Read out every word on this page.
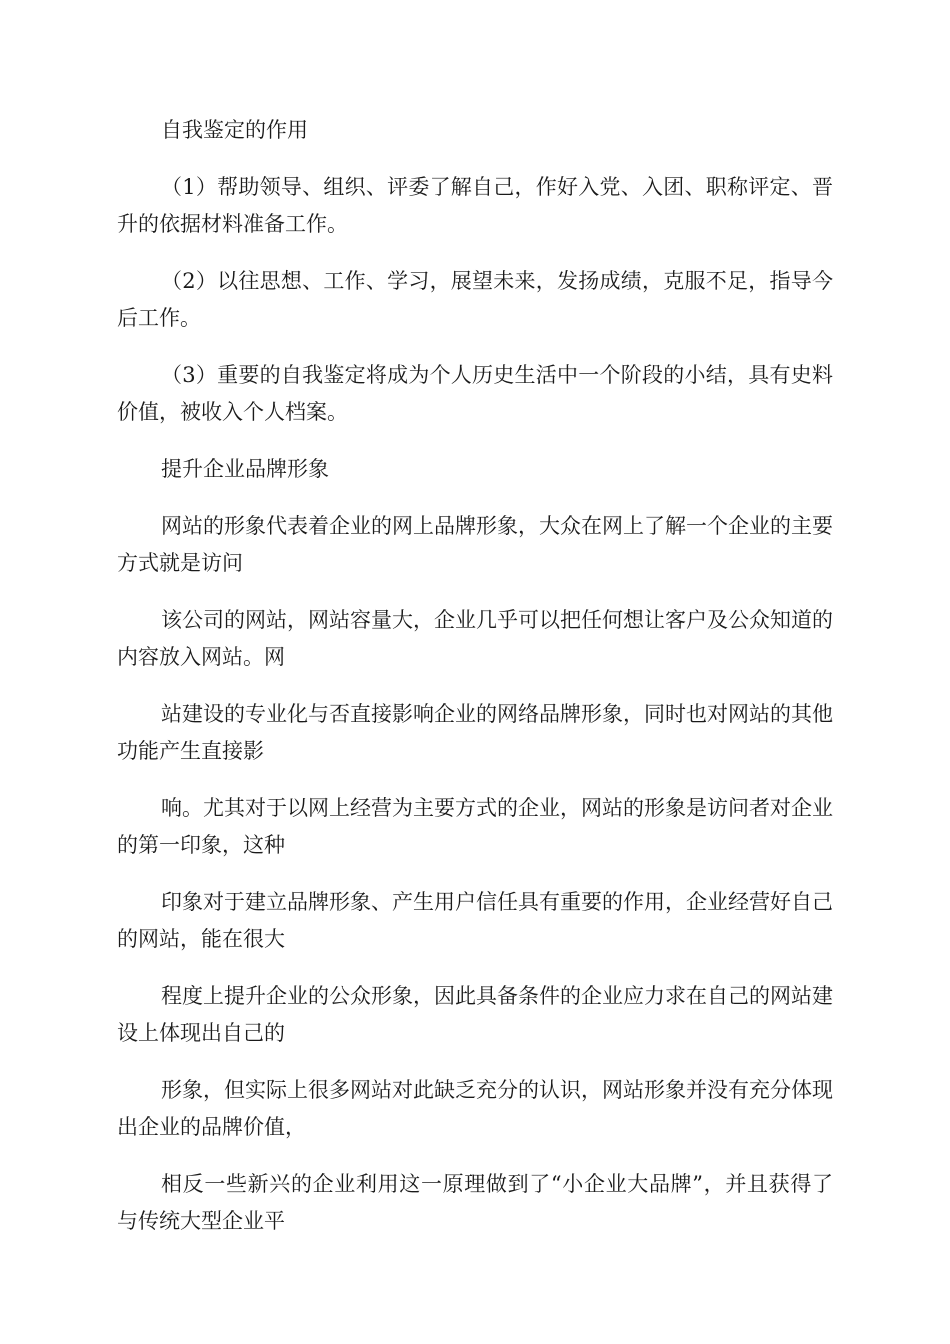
自我鉴定的作用

（1）帮助领导、组织、评委了解自己，作好入党、入团、职称评定、晋升的依据材料准备工作。

（2）以往思想、工作、学习，展望未来，发扬成绩，克服不足，指导今后工作。

（3）重要的自我鉴定将成为个人历史生活中一个阶段的小结，具有史料价值，被收入个人档案。

提升企业品牌形象

网站的形象代表着企业的网上品牌形象，大众在网上了解一个企业的主要方式就是访问

该公司的网站，网站容量大，企业几乎可以把任何想让客户及公众知道的内容放入网站。网

站建设的专业化与否直接影响企业的网络品牌形象，同时也对网站的其他功能产生直接影

响。尤其对于以网上经营为主要方式的企业，网站的形象是访问者对企业的第一印象，这种

印象对于建立品牌形象、产生用户信任具有重要的作用，企业经营好自己的网站，能在很大

程度上提升企业的公众形象，因此具备条件的企业应力求在自己的网站建设上体现出自己的

形象，但实际上很多网站对此缺乏充分的认识，网站形象并没有充分体现出企业的品牌价值，

相反一些新兴的企业利用这一原理做到了“小企业大品牌”，并且获得了与传统大型企业平
